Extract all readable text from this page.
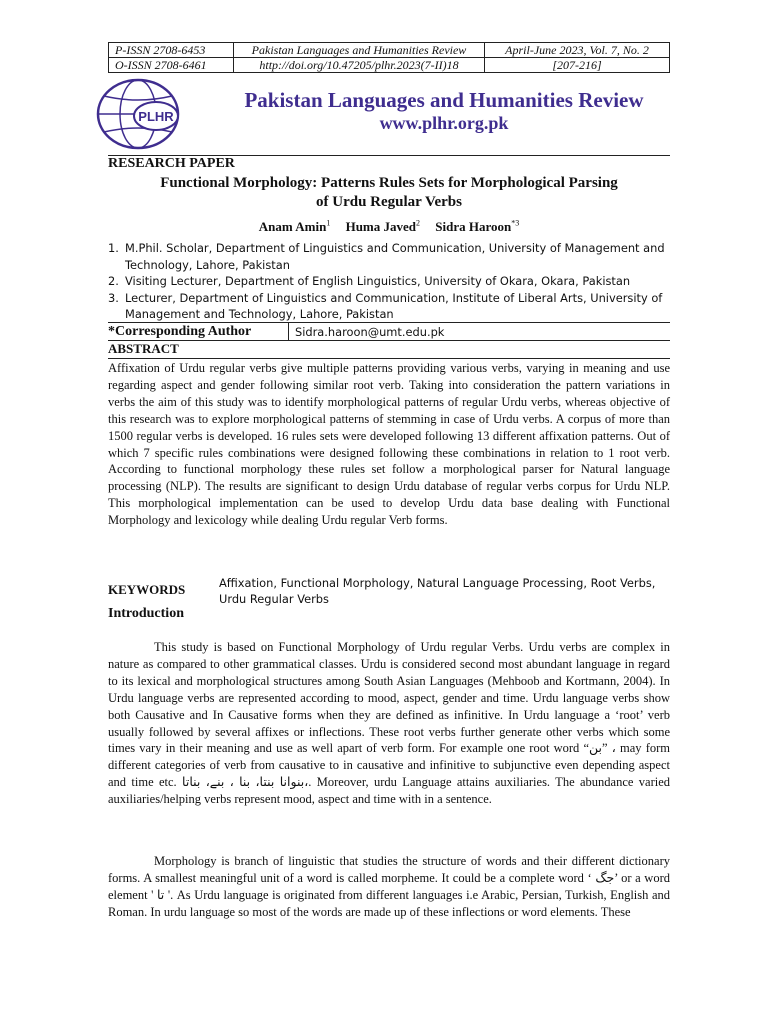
P-ISSN 2708-6453	Pakistan Languages and Humanities Review	April-June 2023, Vol. 7, No. 2
O-ISSN 2708-6461	http://doi.org/10.47205/plhr.2023(7-II)18	[207-216]
PLHR
Pakistan Languages and Humanities Review
www.plhr.org.pk
RESEARCH PAPER
Functional Morphology: Patterns Rules Sets for Morphological Parsing
of Urdu Regular Verbs
Anam Amin$^1$ Huma Javed$^2$ Sidra Haroon$^{*3}$
1. M.Phil. Scholar, Department of Linguistics and Communication, University of Management and Technology, Lahore, Pakistan
2. Visiting Lecturer, Department of English Linguistics, University of Okara, Okara, Pakistan
3. Lecturer, Department of Linguistics and Communication, Institute of Liberal Arts, University of Management and Technology, Lahore, Pakistan
*Corresponding Author	Sidra.haroon@umt.edu.pk
ABSTRACT

Affixation of Urdu regular verbs give multiple patterns providing various verbs, varying in meaning and use regarding aspect and gender following similar root verb. Taking into consideration the pattern variations in verbs the aim of this study was to identify morphological patterns of regular Urdu verbs, whereas objective of this research was to explore morphological patterns of stemming in case of Urdu verbs. A corpus of more than 1500 regular verbs is developed. 16 rules sets were developed following 13 different affixation patterns. Out of which 7 specific rules combinations were designed following these combinations in relation to 1 root verb. According to functional morphology these rules set follow a morphological parser for Natural language processing (NLP). The results are significant to design Urdu database of regular verbs corpus for Urdu NLP. This morphological implementation can be used to develop Urdu data base dealing with Functional Morphology and lexicology while dealing Urdu regular Verb forms.

KEYWORDS	Affixation, Functional Morphology, Natural Language Processing, Root Verbs, Urdu Regular Verbs
Introduction

This study is based on Functional Morphology of Urdu regular Verbs. Urdu verbs are complex in nature as compared to other grammatical classes. Urdu is considered second most abundant language in regard to its lexical and morphological structures among South Asian Languages (Mehboob and Kortmann, 2004). In Urdu language verbs are represented according to mood, aspect, gender and time. Urdu language verbs show both Causative and In Causative forms when they are defined as infinitive. In Urdu language a ‘root’ verb usually followed by several affixes or inflections. These root verbs further generate other verbs which some times vary in their meaning and use as well apart of verb form. For example one root word “بن” ، may form different categories of verb from causative to in causative and infinitive to subjunctive even depending aspect and time etc. بنوانا بنتا، بنا ، بنے، بناتا،. Moreover, urdu Language attains auxiliaries. The abundance varied auxiliaries/helping verbs represent mood, aspect and time with in a sentence.

Morphology is branch of linguistic that studies the structure of words and their different dictionary forms. A smallest meaningful unit of a word is called morpheme. It could be a complete word ‘ جگ’ or a word element ' تا '. As Urdu language is originated from different languages i.e Arabic, Persian, Turkish, English and Roman. In urdu language so most of the words are made up of these inflections or word elements. These
